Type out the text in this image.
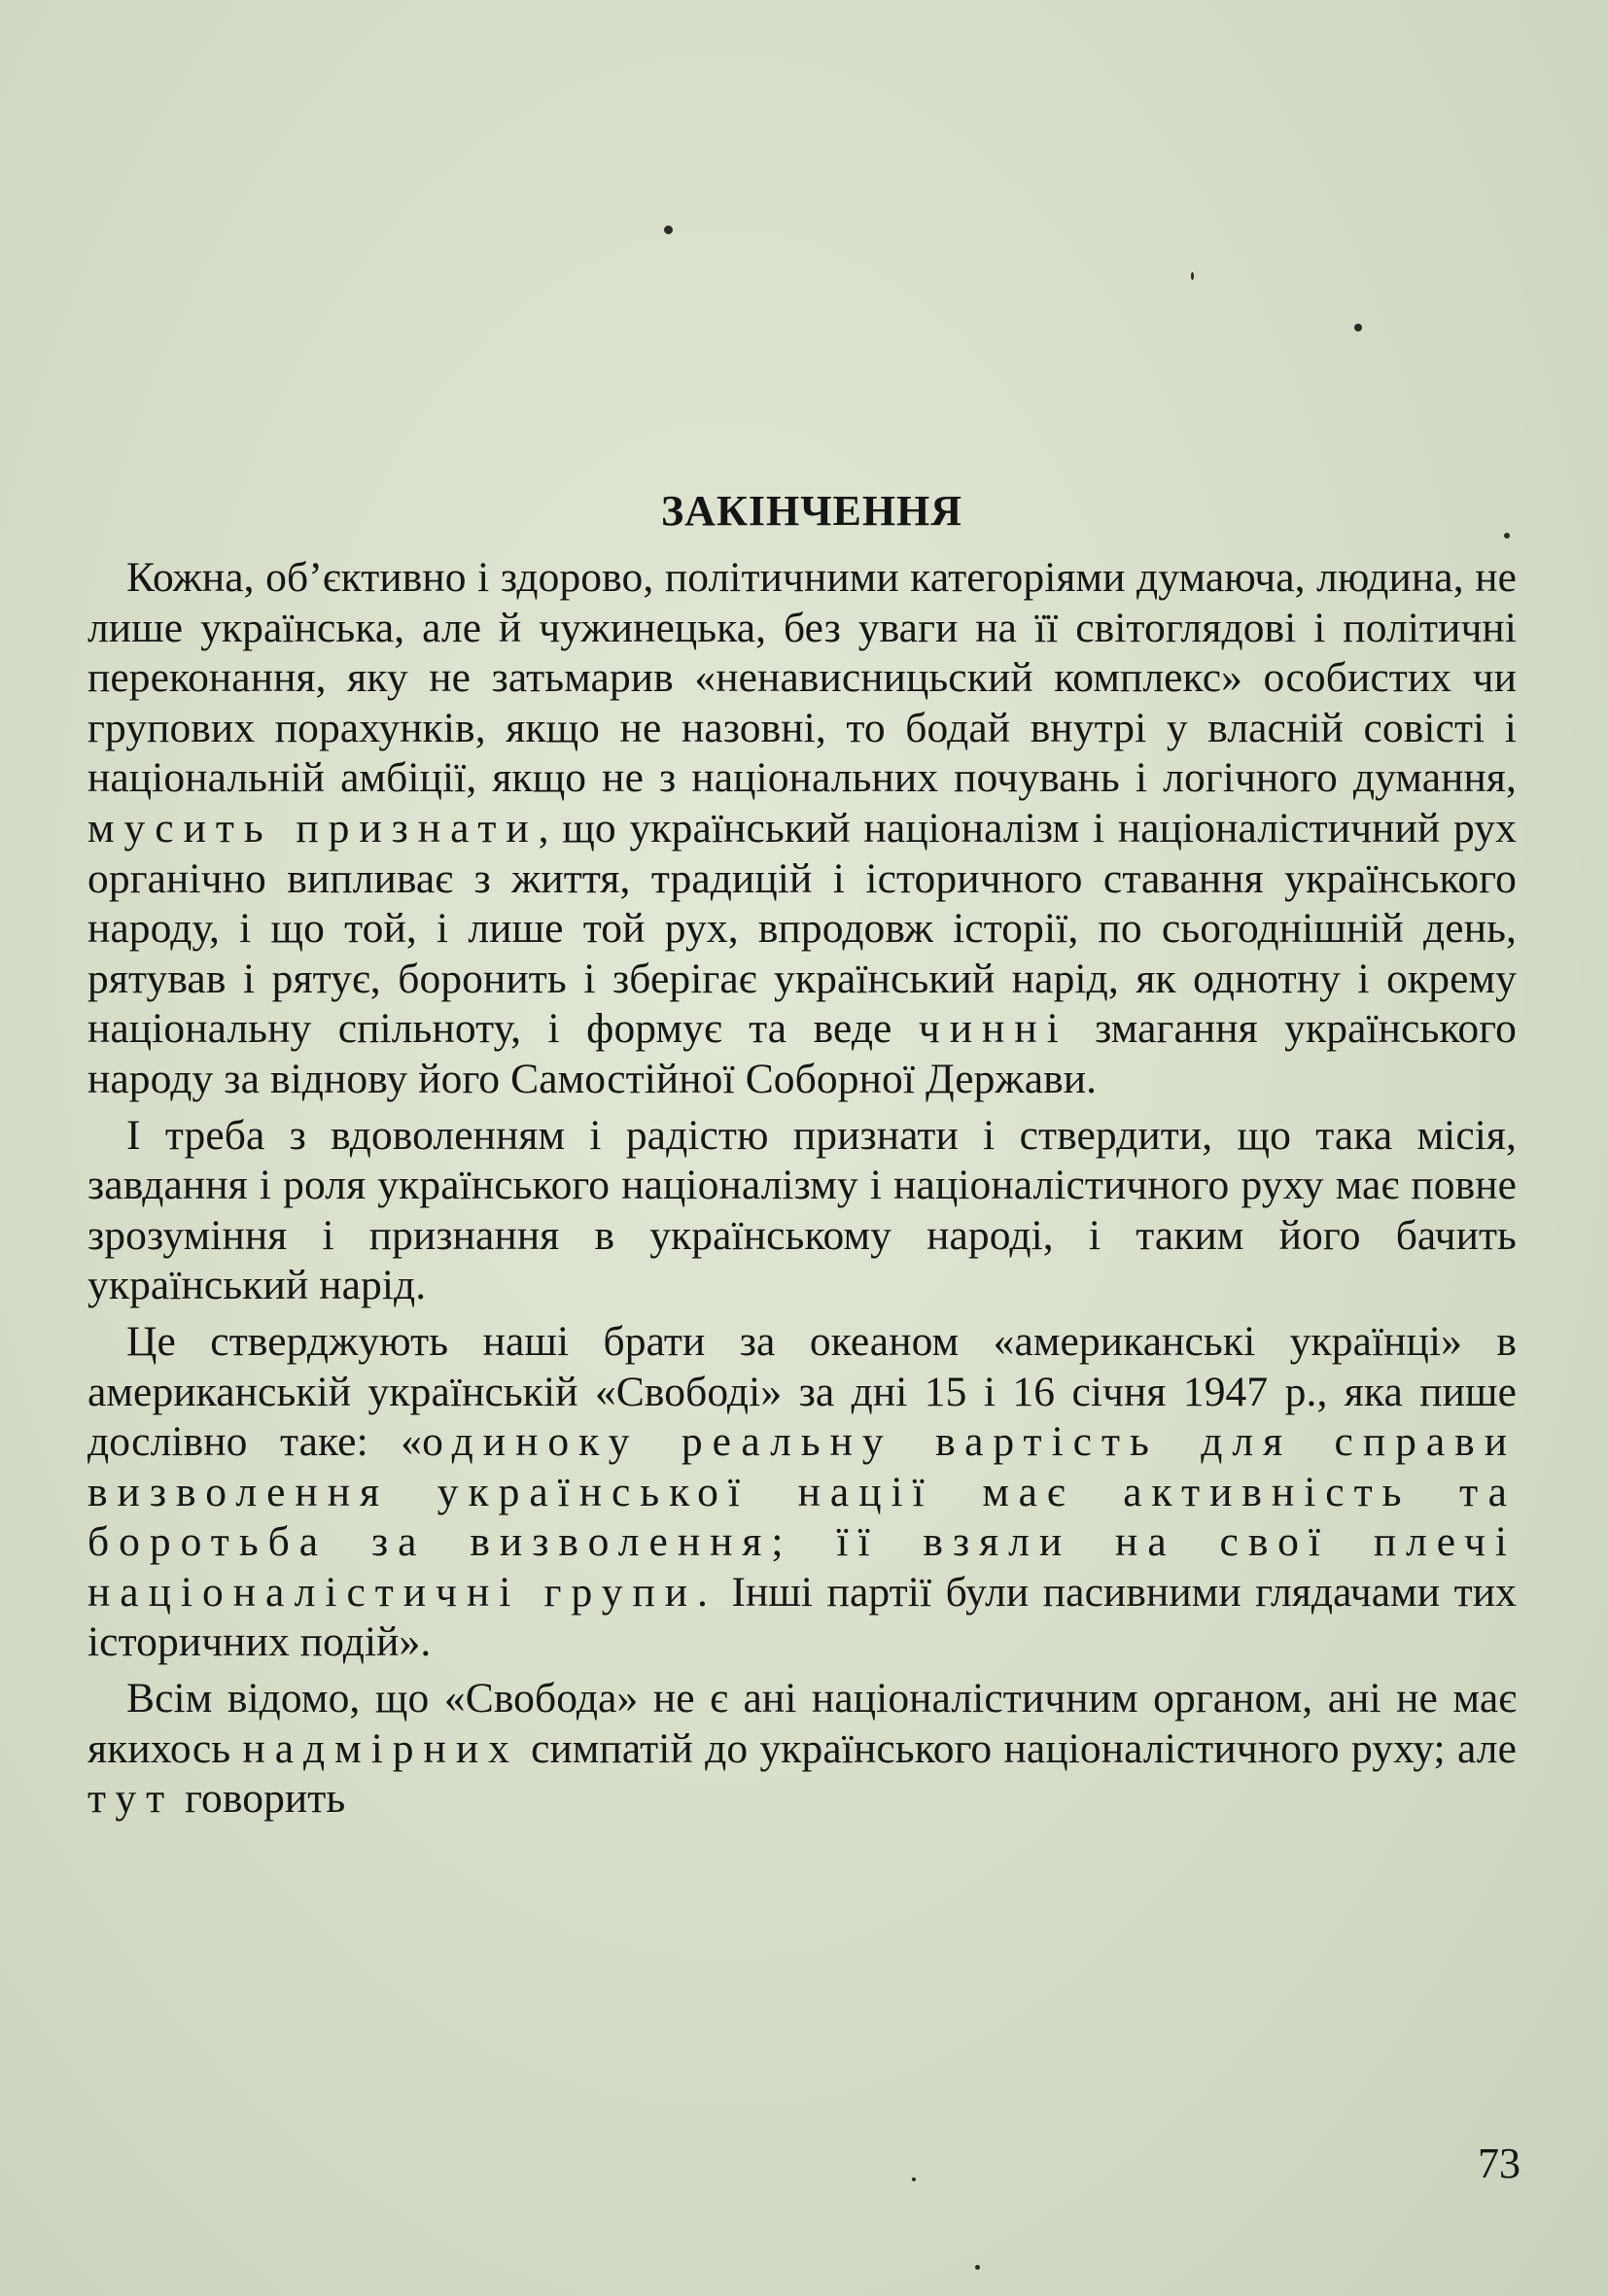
ЗАКІНЧЕННЯ

Кожна, об’єктивно і здорово, політичними категоріями думаюча, людина, не лише українська, але й чужинецька, без уваги на її світоглядові і політичні переконання, яку не затьмарив «ненависницьский комплекс» особистих чи групових порахунків, якщо не назовні, то бодай внутрі у власній совісті і національній амбіції, якщо не з національних почувань і логічного думання, мусить признати, що український націоналізм і націоналістичний рух органічно випливає з життя, традицій і історичного ставання українського народу, і що той, і лише той рух, впродовж історії, по сьогоднішній день, рятував і рятує, боронить і зберігає український нарід, як однотну і окрему національну спільноту, і формує та веде чинні змагання українського народу за віднову його Самостійної Соборної Держави.

І треба з вдоволенням і радістю признати і ствердити, що така місія, завдання і роля українського націоналізму і націоналістичного руху має повне зрозуміння і признання в українському народі, і таким його бачить український нарід.

Це стверджують наші брати за океаном «американські українці» в американській українській «Свободі» за дні 15 і 16 січня 1947 р., яка пише дослівно таке: «одиноку реальну вартість для справи визволення української нації має активність та боротьба за визволення; її взяли на свої плечі націоналістичні групи. Інші партії були пасивними глядачами тих історичних подій».

Всім відомо, що «Свобода» не є ані націоналістичним органом, ані не має якихось надмірних симпатій до українського націоналістичного руху; але тут говорить

73
